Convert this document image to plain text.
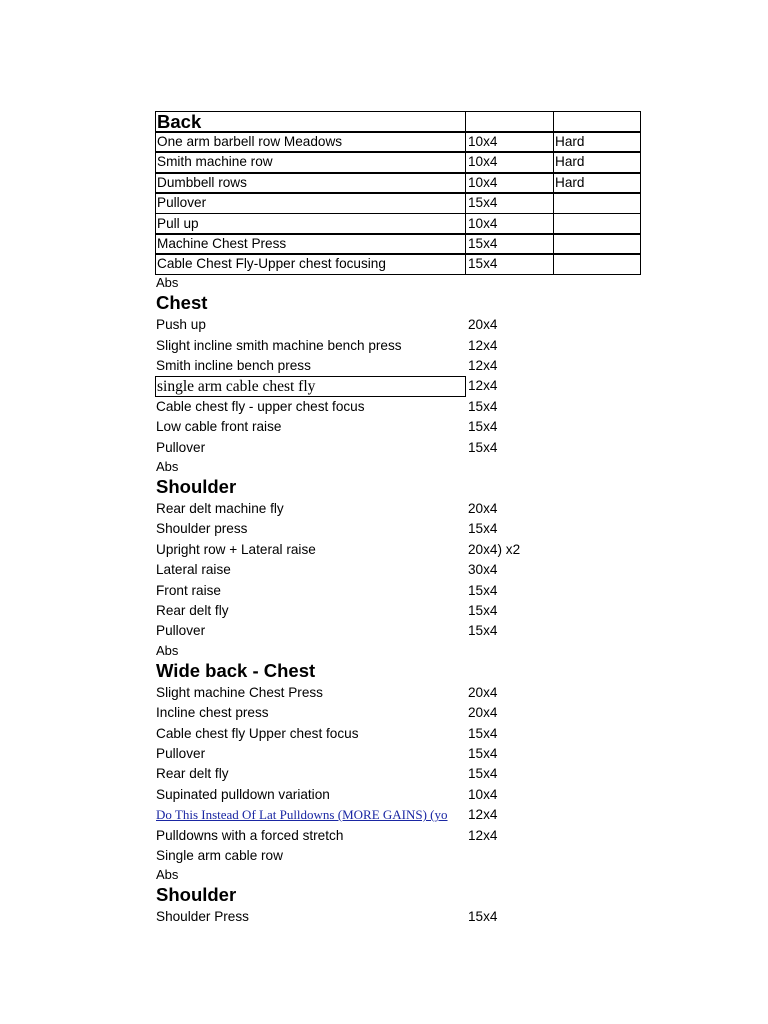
Back
One arm barbell row Meadows	10x4	Hard
Smith machine row	10x4	Hard
Dumbbell rows	10x4	Hard
Pullover	15x4
Pull up	10x4
Machine Chest Press	15x4
Cable Chest Fly-Upper chest focusing	15x4
Abs
Chest
Push up	20x4
Slight incline smith machine bench press	12x4
Smith incline bench press	12x4
single arm cable chest fly	12x4
Cable chest fly - upper chest focus	15x4
Low cable front raise	15x4
Pullover	15x4
Abs
Shoulder
Rear delt machine fly	20x4
Shoulder press	15x4
Upright row + Lateral raise	20x4) x2
Lateral raise	30x4
Front raise	15x4
Rear delt fly	15x4
Pullover	15x4
Abs
Wide back - Chest
Slight machine Chest Press	20x4
Incline chest press	20x4
Cable chest fly Upper chest focus	15x4
Pullover	15x4
Rear delt fly	15x4
Supinated pulldown variation	10x4
Do This Instead Of Lat Pulldowns (MORE GAINS) (yo	12x4
Pulldowns with a forced stretch	12x4
Single arm cable row
Abs
Shoulder
Shoulder Press	15x4
